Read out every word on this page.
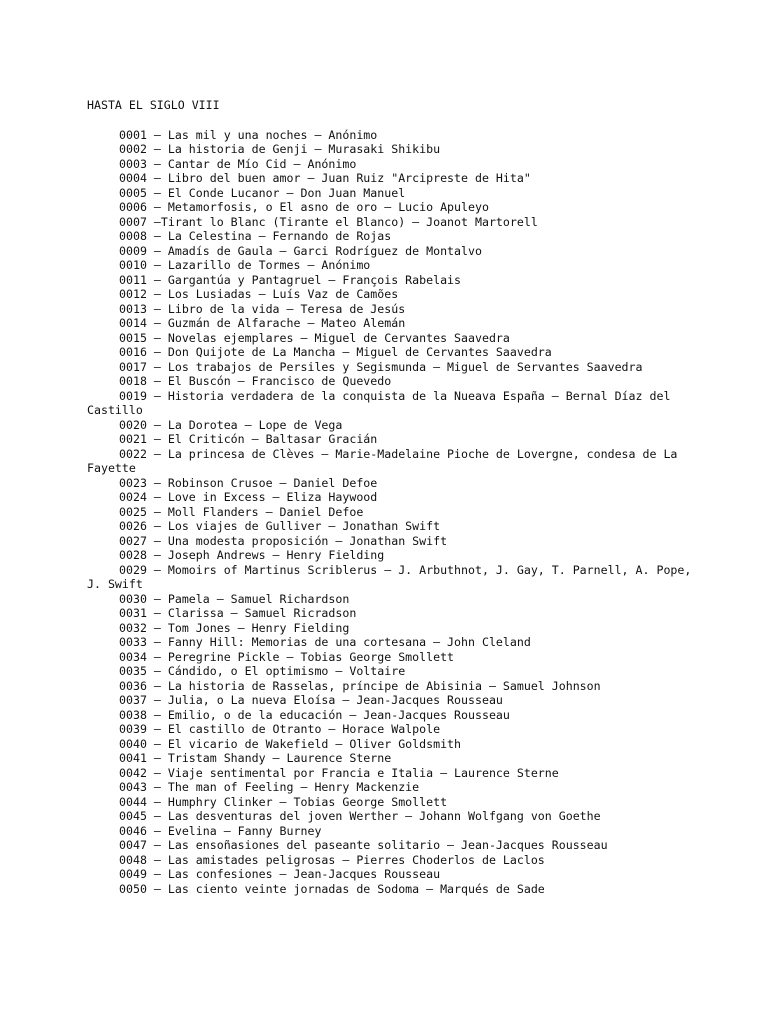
HASTA EL SIGLO VIII
0001 – Las mil y una noches – Anónimo
0002 – La historia de Genji – Murasaki Shikibu
0003 – Cantar de Mío Cid – Anónimo
0004 – Libro del buen amor – Juan Ruiz "Arcipreste de Hita"
0005 – El Conde Lucanor – Don Juan Manuel
0006 – Metamorfosis, o El asno de oro – Lucio Apuleyo
0007 –Tirant lo Blanc (Tirante el Blanco) – Joanot Martorell
0008 – La Celestina – Fernando de Rojas
0009 – Amadís de Gaula – Garci Rodríguez de Montalvo
0010 – Lazarillo de Tormes – Anónimo
0011 – Gargantúa y Pantagruel – François Rabelais
0012 – Los Lusiadas – Luís Vaz de Camões
0013 – Libro de la vida – Teresa de Jesús
0014 – Guzmán de Alfarache – Mateo Alemán
0015 – Novelas ejemplares – Miguel de Cervantes Saavedra
0016 – Don Quijote de La Mancha – Miguel de Cervantes Saavedra
0017 – Los trabajos de Persiles y Segismunda – Miguel de Servantes Saavedra
0018 – El Buscón – Francisco de Quevedo
0019 – Historia verdadera de la conquista de la Nueava España – Bernal Díaz del Castillo
0020 – La Dorotea – Lope de Vega
0021 – El Criticón – Baltasar Gracián
0022 – La princesa de Clèves – Marie-Madelaine Pioche de Lovergne, condesa de La Fayette
0023 – Robinson Crusoe – Daniel Defoe
0024 – Love in Excess – Eliza Haywood
0025 – Moll Flanders – Daniel Defoe
0026 – Los viajes de Gulliver – Jonathan Swift
0027 – Una modesta proposición – Jonathan Swift
0028 – Joseph Andrews – Henry Fielding
0029 – Momoirs of Martinus Scriblerus – J. Arbuthnot, J. Gay, T. Parnell, A. Pope, J. Swift
0030 – Pamela – Samuel Richardson
0031 – Clarissa – Samuel Ricradson
0032 – Tom Jones – Henry Fielding
0033 – Fanny Hill: Memorias de una cortesana – John Cleland
0034 – Peregrine Pickle – Tobias George Smollett
0035 – Cándido, o El optimismo – Voltaire
0036 – La historia de Rasselas, príncipe de Abisinia – Samuel Johnson
0037 – Julia, o La nueva Eloísa – Jean-Jacques Rousseau
0038 – Emilio, o de la educación – Jean-Jacques Rousseau
0039 – El castillo de Otranto – Horace Walpole
0040 – El vicario de Wakefield – Oliver Goldsmith
0041 – Tristam Shandy – Laurence Sterne
0042 – Viaje sentimental por Francia e Italia – Laurence Sterne
0043 – The man of Feeling – Henry Mackenzie
0044 – Humphry Clinker – Tobias George Smollett
0045 – Las desventuras del joven Werther – Johann Wolfgang von Goethe
0046 – Evelina – Fanny Burney
0047 – Las ensoñasiones del paseante solitario – Jean-Jacques Rousseau
0048 – Las amistades peligrosas – Pierres Choderlos de Laclos
0049 – Las confesiones – Jean-Jacques Rousseau
0050 – Las ciento veinte jornadas de Sodoma – Marqués de Sade
